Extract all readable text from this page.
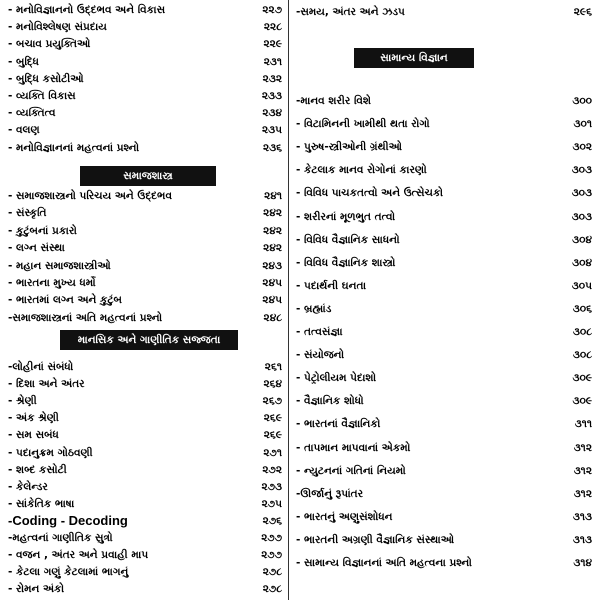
સમાજશાસ્ત્ર
માનસિક અને ગાણીતિક સજ્જતા
- મનોવિજ્ઞાનનો ઉદ્દભવ અને વિકાસ	૨૨૭
- મનોવિશ્લેષણ સંપ્રદાય	૨૨૮
- બચાવ પ્રયુક્તિઓ	૨૨૯
- બુદ્ધિ	૨૩૧
- બુદ્ધિ કસોટીઓ	૨૩૨
- વ્યક્તિ વિકાસ	૨૩૩
- વ્યક્તિત્વ	૨૩૪
- વલણ	૨૩૫
- મનોવિજ્ઞાનનાં મહત્વનાં પ્રશ્નો	૨૩૬
- સમાજશાસ્ત્રનો પરિચય અને ઉદ્દભવ	૨૪૧
- સંસ્કૃતિ	૨૪૨
- કુટુંબનાં પ્રકારો	૨૪૨
- લગ્ન સંસ્થા	૨૪૨
- મહાન સમાજશાસ્ત્રીઓ	૨૪૩
- ભારતના મુખ્ય ધર્મો	૨૪૫
- ભારતમાં લગ્ન અને કુટુંબ	૨૪૫
-સમાજશાસ્ત્રનાં અતિ મહત્વનાં પ્રશ્નો	૨૪૮
-લોહીનાં સંબંધો	૨૬૧
- દિશા અને અંતર	૨૬૪
- શ્રેણી	૨૬૭
- અંક શ્રેણી	૨૬૯
- સમ સબંધ	૨૬૯
- પદાનુક્રમ ગોઠવણી	૨૭૧
- શબ્દ કસોટી	૨૭૨
- કેલેન્ડર	૨૭૩
- સાંકેતિક ભાષા	૨૭૫
-Coding - Decoding	૨૭૬
-મહત્વનાં ગાણીતિક સુત્રો	૨૭૭
- વજન , અંતર અને પ્રવાહી માપ	૨૭૭
- કેટલા ગણું કેટલામાં ભાગનું	૨૭૮
- રોમન અંકો	૨૭૮
સામાન્ય વિજ્ઞાન
-સમય, અંતર અને ઝડપ	૨૯૬
-માનવ શરીર વિશે	૩૦૦
- વિટામિનની ખામીથી થતા રોગો	૩૦૧
- પુરુષ-સ્ત્રીઓની ગ્રંથીઓ	૩૦૨
- કેટલાક માનવ રોગોનાં કારણો	૩૦૩
- વિવિધ પાચકતત્વો અને ઉત્સેચકો	૩૦૩
- શરીરનાં મૂળભુત તત્વો	૩૦૩
- વિવિધ વૈજ્ઞાનિક સાધનો	૩૦૪
- વિવિધ વૈજ્ઞાનિક શાસ્ત્રો	૩૦૪
- પદાર્થની ઘનતા	૩૦૫
- બ્રહ્માંડ	૩૦૬
- તત્વસંજ્ઞા	૩૦૮
- સંયોજનો	૩૦૮
- પેટ્રોલીયમ પેદાશો	૩૦૯
- વૈજ્ઞાનિક શોધો	૩૦૯
- ભારતનાં વૈજ્ઞાનિકો	૩૧૧
- તાપમાન માપવાનાં એકમો	૩૧૨
- ન્યુટનનાં ગતિનાં નિયમો	૩૧૨
-ઊર્જાનું રૂપાંતર	૩૧૨
- ભારતનું અણુસંશોધન	૩૧૩
- ભારતની અગ્રણી વૈજ્ઞાનિક સંસ્થાઓ	૩૧૩
- સામાન્ય વિજ્ઞાનનાં અતિ મહત્વના પ્રશ્નો	૩૧૪
